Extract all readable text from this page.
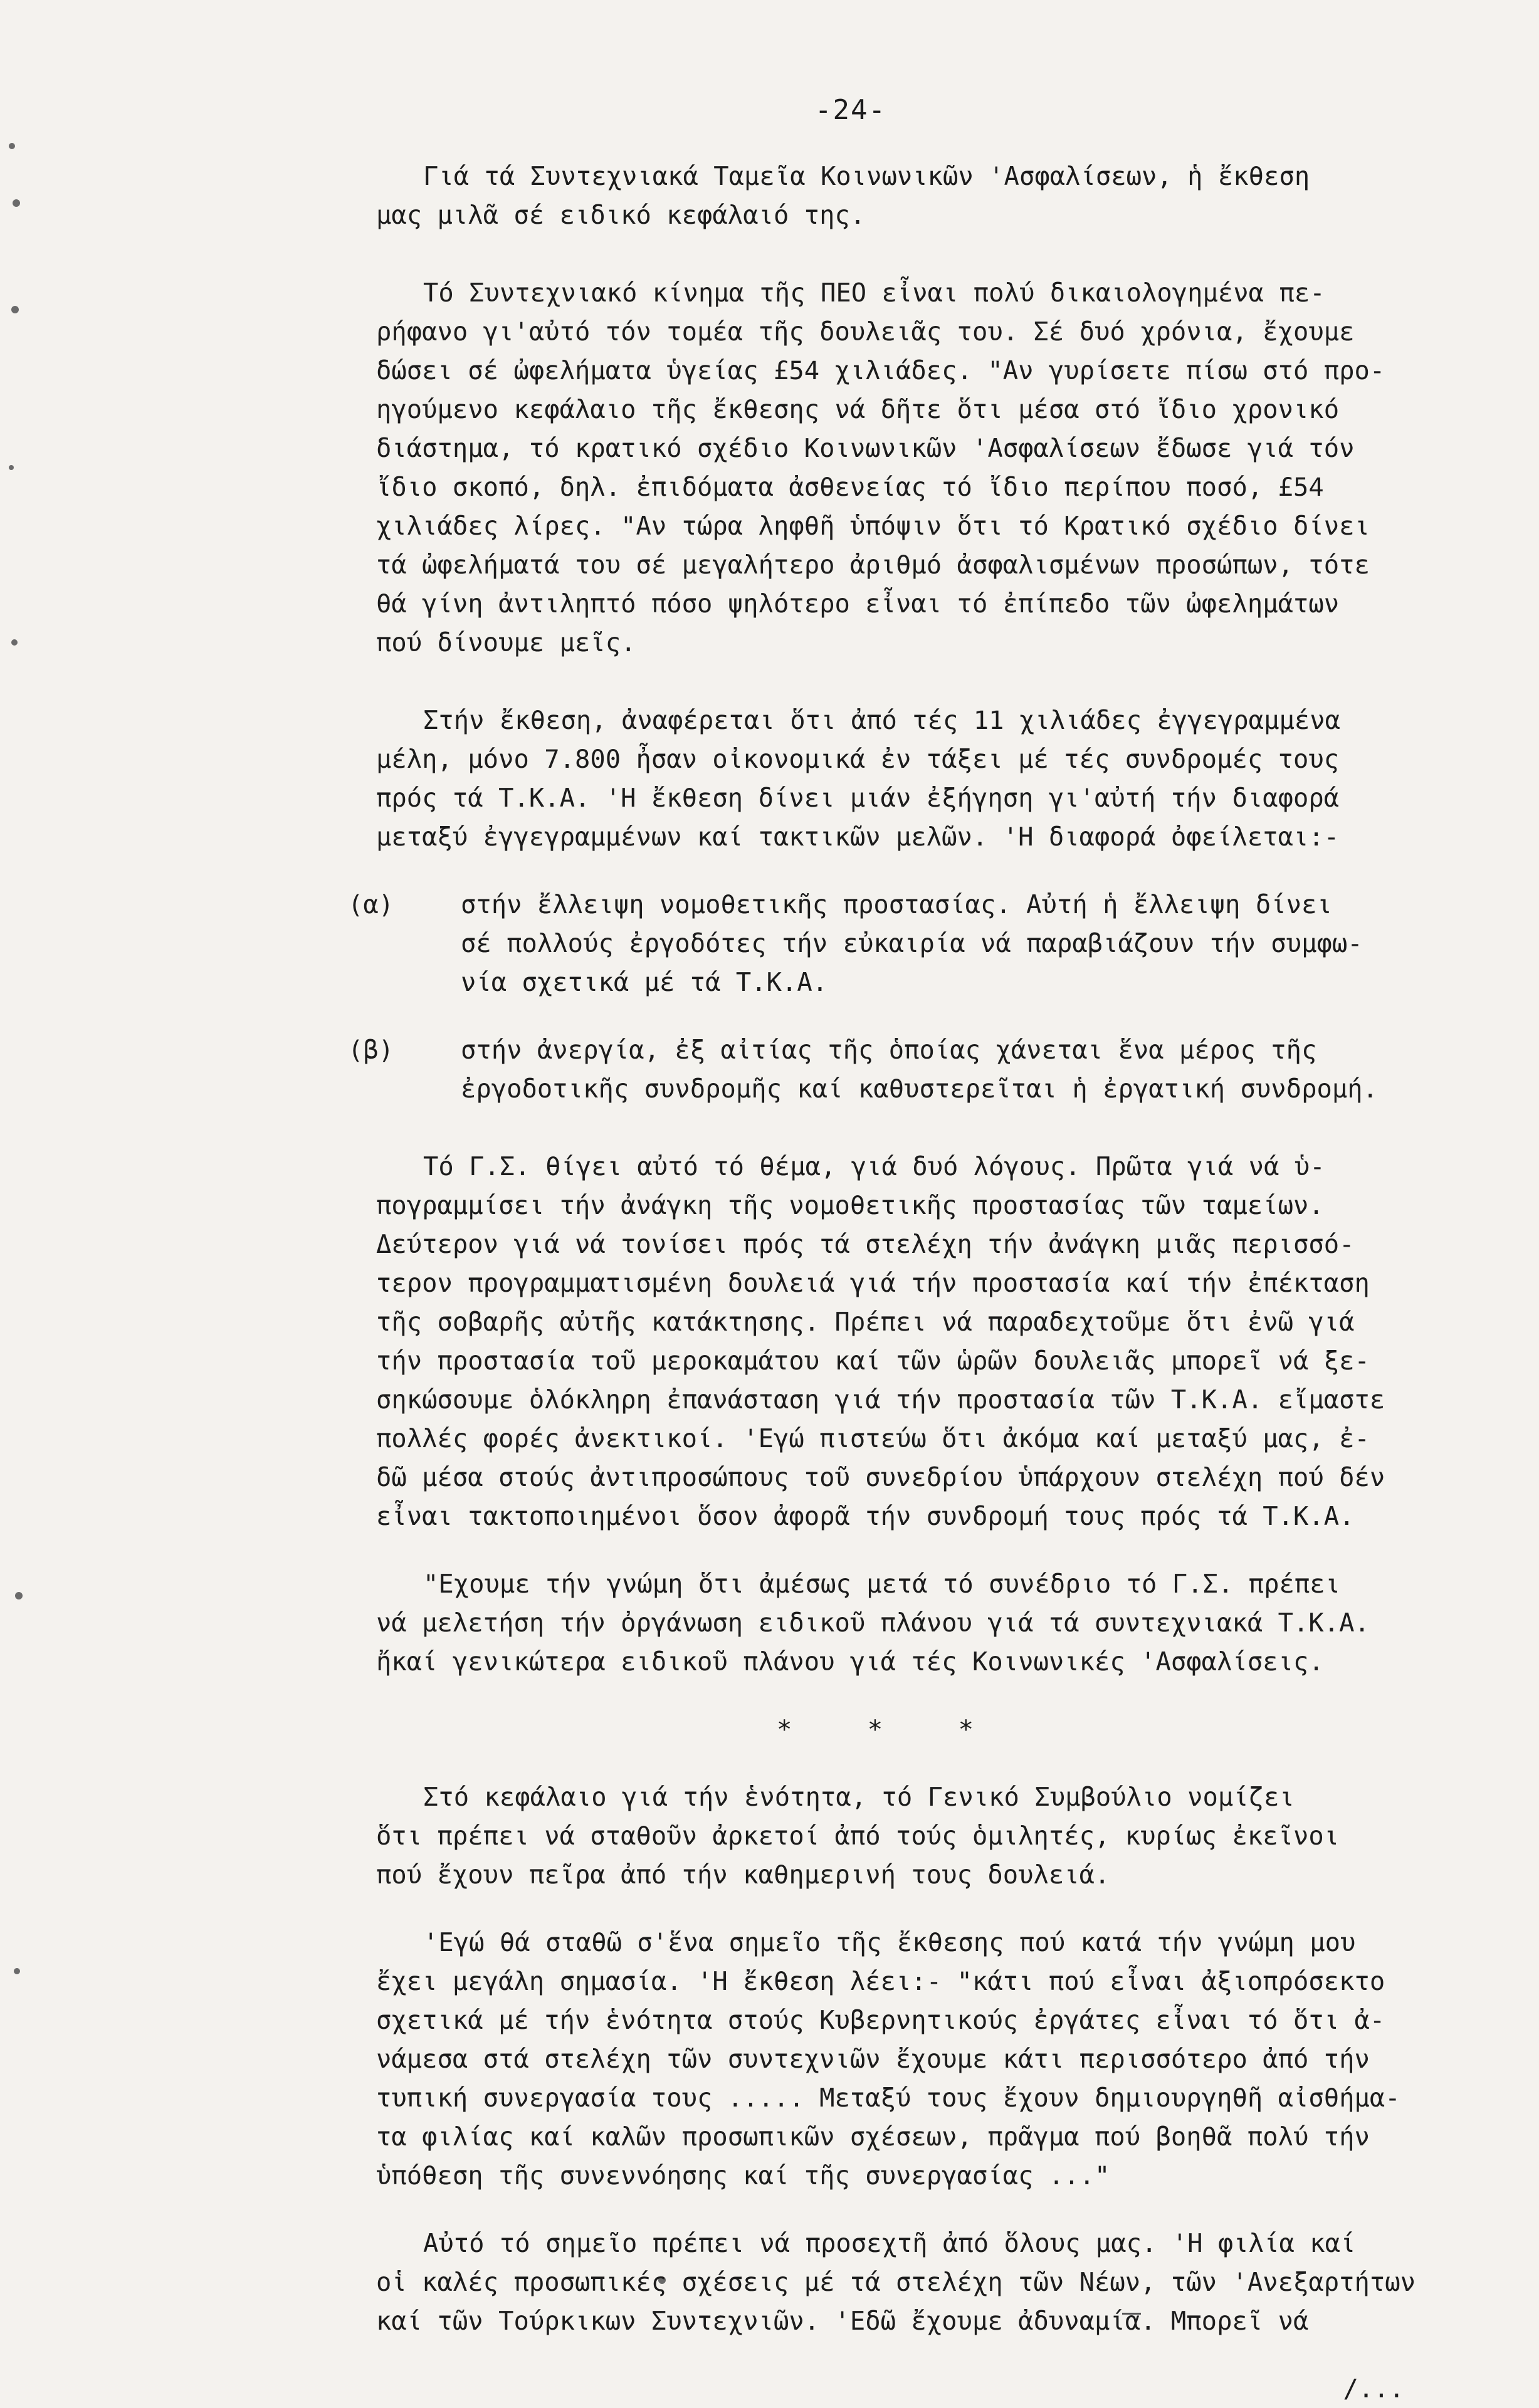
-24-
Γιά τά Συντεχνιακά Ταμεῖα Κοινωνικῶν 'Ασφαλίσεων, ἡ ἔκθεση
μας μιλᾶ σέ ειδικό κεφάλαιό της.
Τό Συντεχνιακό κίνημα τῆς ΠΕΟ εἶναι πολύ δικαιολογημένα πε-
ρήφανο γι'αὐτό τόν τομέα τῆς δουλειᾶς του. Σέ δυό χρόνια, ἔχουμε
δώσει σέ ὠφελήματα ὑγείας £54 χιλιάδες. "Αν γυρίσετε πίσω στό προ-
ηγούμενο κεφάλαιο τῆς ἔκθεσης νά δῆτε ὅτι μέσα στό ἴδιο χρονικό
διάστημα, τό κρατικό σχέδιο Κοινωνικῶν 'Ασφαλίσεων ἔδωσε γιά τόν
ἴδιο σκοπό, δηλ. ἐπιδόματα ἀσθενείας τό ἴδιο περίπου ποσό, £54
χιλιάδες λίρες. "Αν τώρα ληφθῆ ὑπόψιν ὅτι τό Κρατικό σχέδιο δίνει
τά ὠφελήματά του σέ μεγαλήτερο ἀριθμό ἀσφαλισμένων προσώπων, τότε
θά γίνη ἀντιληπτό πόσο ψηλότερο εἶναι τό ἐπίπεδο τῶν ὠφελημάτων
πού δίνουμε μεῖς.
Στήν ἔκθεση, ἀναφέρεται ὅτι ἀπό τές 11 χιλιάδες ἐγγεγραμμένα
μέλη, μόνο 7.800 ἦσαν οἰκονομικά ἐν τάξει μέ τές συνδρομές τους
πρός τά Τ.Κ.Α. 'Η ἔκθεση δίνει μιάν ἐξήγηση γι'αὐτή τήν διαφορά
μεταξύ ἐγγεγραμμένων καί τακτικῶν μελῶν. 'Η διαφορά ὀφείλεται:-
(α)	στήν ἔλλειψη νομοθετικῆς προστασίας. Αὐτή ἡ ἔλλειψη δίνει
σέ πολλούς ἐργοδότες τήν εὐκαιρία νά παραβιάζουν τήν συμφω-
νία σχετικά μέ τά Τ.Κ.Α.
(β)	στήν ἀνεργία, ἐξ αἰτίας τῆς ὁποίας χάνεται ἕνα μέρος τῆς
ἐργοδοτικῆς συνδρομῆς καί καθυστερεῖται ἡ ἐργατική συνδρομή.
Τό Γ.Σ. θίγει αὐτό τό θέμα, γιά δυό λόγους. Πρῶτα γιά νά ὑ-
πογραμμίσει τήν ἀνάγκη τῆς νομοθετικῆς προστασίας τῶν ταμείων.
Δεύτερον γιά νά τονίσει πρός τά στελέχη τήν ἀνάγκη μιᾶς περισσό-
τερον προγραμματισμένη δουλειά γιά τήν προστασία καί τήν ἐπέκταση
τῆς σοβαρῆς αὐτῆς κατάκτησης. Πρέπει νά παραδεχτοῦμε ὅτι ἐνῶ γιά
τήν προστασία τοῦ μεροκαμάτου καί τῶν ὡρῶν δουλειᾶς μπορεῖ νά ξε-
σηκώσουμε ὁλόκληρη ἐπανάσταση γιά τήν προστασία τῶν Τ.Κ.Α. εἴμαστε
πολλές φορές ἀνεκτικοί. 'Εγώ πιστεύω ὅτι ἀκόμα καί μεταξύ μας, ἐ-
δῶ μέσα στούς ἀντιπροσώπους τοῦ συνεδρίου ὑπάρχουν στελέχη πού δέν
εἶναι τακτοποιημένοι ὅσον ἀφορᾶ τήν συνδρομή τους πρός τά Τ.Κ.Α.
"Εχουμε τήν γνώμη ὅτι ἀμέσως μετά τό συνέδριο τό Γ.Σ. πρέπει
νά μελετήση τήν ὀργάνωση ειδικοῦ πλάνου γιά τά συντεχνιακά Τ.Κ.Α.
ἤκαί γενικώτερα ειδικοῦ πλάνου γιά τές Κοινωνικές 'Ασφαλίσεις.
* * *
Στό κεφάλαιο γιά τήν ἑνότητα, τό Γενικό Συμβούλιο νομίζει
ὅτι πρέπει νά σταθοῦν ἀρκετοί ἀπό τούς ὁμιλητές, κυρίως ἐκεῖνοι
πού ἔχουν πεῖρα ἀπό τήν καθημερινή τους δουλειά.
'Εγώ θά σταθῶ σ'ἕνα σημεῖο τῆς ἔκθεσης πού κατά τήν γνώμη μου
ἔχει μεγάλη σημασία. 'Η ἔκθεση λέει:- "κάτι πού εἶναι ἀξιοπρόσεκτο
σχετικά μέ τήν ἑνότητα στούς Κυβερνητικούς ἐργάτες εἶναι τό ὅτι ἀ-
νάμεσα στά στελέχη τῶν συντεχνιῶν ἔχουμε κάτι περισσότερο ἀπό τήν
τυπική συνεργασία τους ..... Μεταξύ τους ἔχουν δημιουργηθῆ αἰσθήμα-
τα φιλίας καί καλῶν προσωπικῶν σχέσεων, πρᾶγμα πού βοηθᾶ πολύ τήν
ὑπόθεση τῆς συνεννόησης καί τῆς συνεργασίας ..."
Αὐτό τό σημεῖο πρέπει νά προσεχτῆ ἀπό ὅλους μας. 'Η φιλία καί
οἱ καλές προσωπικές σχέσεις μέ τά στελέχη τῶν Νέων, τῶν 'Ανεξαρτήτων
καί τῶν Τούρκικων Συντεχνιῶν. 'Εδῶ ἔχουμε ἀδυναμία. Μπορεῖ νά
/...
